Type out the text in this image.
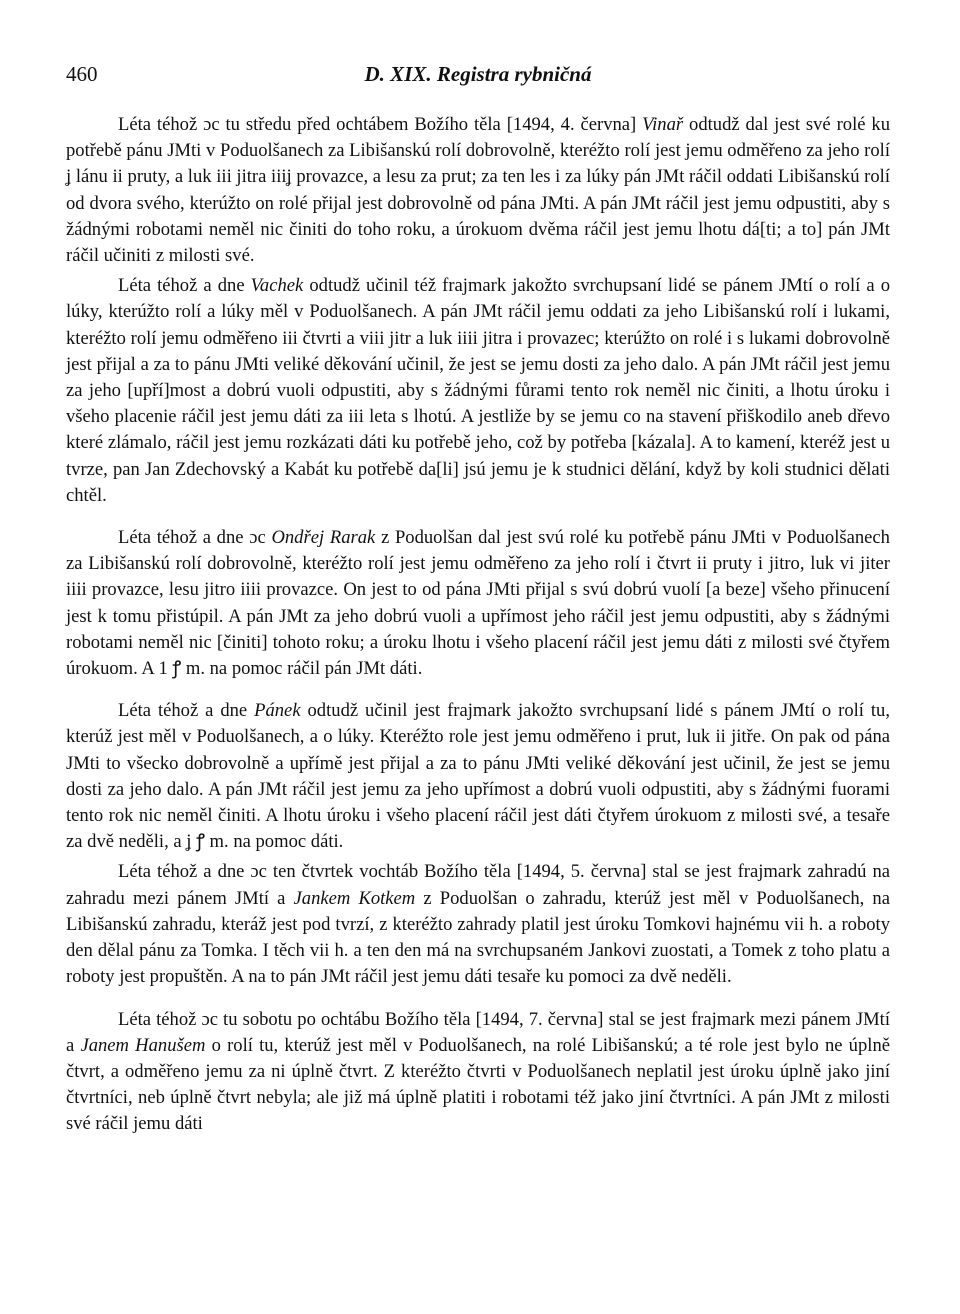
460	D. XIX. Registra rybničná

Léta téhož ɔc tu středu před ochtábem Božího těla [1494, 4. června] Vinař odtudž dal jest své rolé ku potřebě pánu JMti v Poduolšanech za Libišanskú rolí dobrovolně, kteréžto rolí jest jemu odměřeno za jeho rolí ʝ lánu ii pruty, a luk iii jitra iiiʝ provazce, a lesu za prut; za ten les i za lúky pán JMt ráčil oddati Libišanskú rolí od dvora svého, kterúžto on rolé přijal jest dobrovolně od pána JMti. A pán JMt ráčil jest jemu odpustiti, aby s žádnými robotami neměl nic činiti do toho roku, a úrokuom dvěma ráčil jest jemu lhotu dá[ti; a to] pán JMt ráčil učiniti z milosti své.

Léta téhož a dne Vachek odtudž učinil též frajmark jakožto svrchupsaní lidé se pánem JMtí o rolí a o lúky, kterúžto rolí a lúky měl v Poduolšanech. A pán JMt ráčil jemu oddati za jeho Libišanskú rolí i lukami, kteréžto rolí jemu odměřeno iii čtvrti a viii jitr a luk iiii jitra i provazec; kterúžto on rolé i s lukami dobrovolně jest přijal a za to pánu JMti veliké děkování učinil, že jest se jemu dosti za jeho dalo. A pán JMt ráčil jest jemu za jeho [upří]most a dobrú vuoli odpustiti, aby s žádnými fůrami tento rok neměl nic činiti, a lhotu úroku i všeho placenie ráčil jest jemu dáti za iii leta s lhotú. A jestliže by se jemu co na stavení přiškodilo aneb dřevo které zlámalo, ráčil jest jemu rozkázati dáti ku potřebě jeho, což by potřeba [kázala]. A to kamení, kteréž jest u tvrze, pan Jan Zdechovský a Kabát ku potřebě da[li] jsú jemu je k studnici dělání, když by koli studnici dělati chtěl.

Léta téhož a dne ɔc Ondřej Rarak z Poduolšan dal jest svú rolé ku potřebě pánu JMti v Poduolšanech za Libišanskú rolí dobrovolně, kteréžto rolí jest jemu odměřeno za jeho rolí i čtvrt ii pruty i jitro, luk vi jiter iiii provazce, lesu jitro iiii provazce. On jest to od pána JMti přijal s svú dobrú vuolí [a beze] všeho přinucení jest k tomu přistúpil. A pán JMt za jeho dobrú vuoli a upřímost jeho ráčil jest jemu odpustiti, aby s žádnými robotami neměl nic [činiti] tohoto roku; a úroku lhotu i všeho placení ráčil jest jemu dáti z milosti své čtyřem úrokuom. A 1 ꝭ m. na pomoc ráčil pán JMt dáti.

Léta téhož a dne Pánek odtudž učinil jest frajmark jakožto svrchupsaní lidé s pánem JMtí o rolí tu, kterúž jest měl v Poduolšanech, a o lúky. Kteréžto role jest jemu odměřeno i prut, luk ii jitře. On pak od pána JMti to všecko dobrovolně a upřímě jest přijal a za to pánu JMti veliké děkování jest učinil, že jest se jemu dosti za jeho dalo. A pán JMt ráčil jest jemu za jeho upřímost a dobrú vuoli odpustiti, aby s žádnými fuorami tento rok nic neměl činiti. A lhotu úroku i všeho placení ráčil jest dáti čtyřem úrokuom z milosti své, a tesaře za dvě neděli, a ʝ ꝭ m. na pomoc dáti.

Léta téhož a dne ɔc ten čtvrtek vochtáb Božího těla [1494, 5. června] stal se jest frajmark zahradú na zahradu mezi pánem JMtí a Jankem Kotkem z Poduolšan o zahradu, kterúž jest měl v Poduolšanech, na Libišanskú zahradu, kteráž jest pod tvrzí, z kteréžto zahrady platil jest úroku Tomkovi hajnému vii h. a roboty den dělal pánu za Tomka. I těch vii h. a ten den má na svrchupsaném Jankovi zuostati, a Tomek z toho platu a roboty jest propuštěn. A na to pán JMt ráčil jest jemu dáti tesaře ku pomoci za dvě neděli.

Léta téhož ɔc tu sobotu po ochtábu Božího těla [1494, 7. června] stal se jest frajmark mezi pánem JMtí a Janem Hanušem o rolí tu, kterúž jest měl v Poduolšanech, na rolé Libišanskú; a té role jest bylo ne úplně čtvrt, a odměřeno jemu za ni úplně čtvrt. Z kteréžto čtvrti v Poduolšanech neplatil jest úroku úplně jako jiní čtvrtníci, neb úplně čtvrt nebyla; ale již má úplně platiti i robotami též jako jiní čtvrtníci. A pán JMt z milosti své ráčil jemu dáti
